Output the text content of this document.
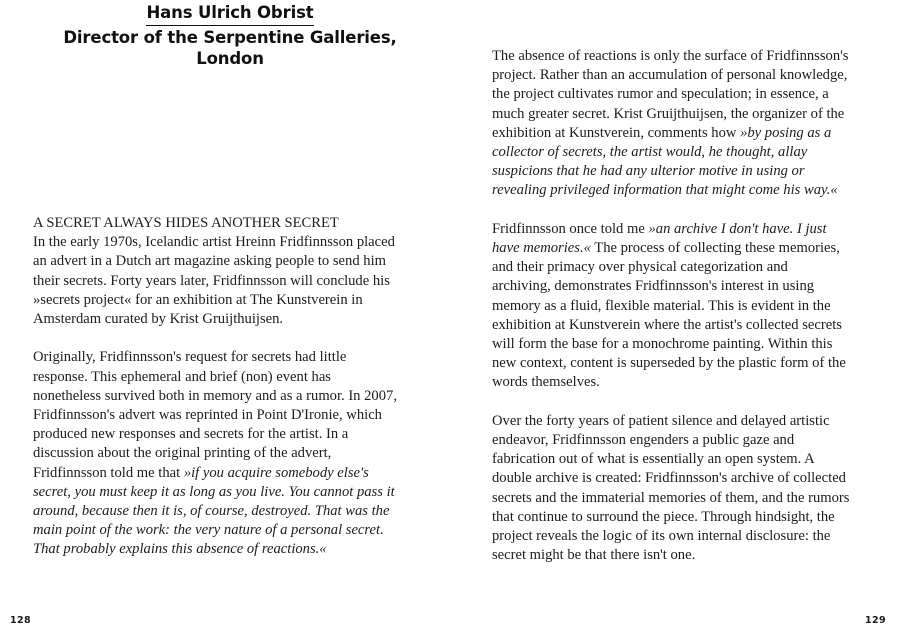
Hans Ulrich Obrist
Director of the Serpentine Galleries,
London

A SECRET ALWAYS HIDES ANOTHER SECRET

In the early 1970s, Icelandic artist Hreinn Fridfinnsson placed an advert in a Dutch art magazine asking people to send him their secrets. Forty years later, Fridfinnsson will conclude his »secrets project« for an exhibition at The Kunstverein in Amsterdam curated by Krist Gruijthuijsen.

Originally, Fridfinnsson's request for secrets had little response. This ephemeral and brief (non) event has nonetheless survived both in memory and as a rumor. In 2007, Fridfinnsson's advert was reprinted in Point D'Ironie, which produced new responses and secrets for the artist. In a discussion about the original printing of the advert, Fridfinnsson told me that »if you acquire somebody else's secret, you must keep it as long as you live. You cannot pass it around, because then it is, of course, destroyed. That was the main point of the work: the very nature of a personal secret. That probably explains this absence of reactions.«

The absence of reactions is only the surface of Fridfinnsson's project. Rather than an accumulation of personal knowledge, the project cultivates rumor and speculation; in essence, a much greater secret. Krist Gruijthuijsen, the organizer of the exhibition at Kunstverein, comments how »by posing as a collector of secrets, the artist would, he thought, allay suspicions that he had any ulterior motive in using or revealing privileged information that might come his way.«

Fridfinnsson once told me »an archive I don't have. I just have memories.« The process of collecting these memories, and their primacy over physical categorization and archiving, demonstrates Fridfinnsson's interest in using memory as a fluid, flexible material. This is evident in the exhibition at Kunstverein where the artist's collected secrets will form the base for a monochrome painting. Within this new context, content is superseded by the plastic form of the words themselves.

Over the forty years of patient silence and delayed artistic endeavor, Fridfinnsson engenders a public gaze and fabrication out of what is essentially an open system. A double archive is created: Fridfinnsson's archive of collected secrets and the immaterial memories of them, and the rumors that continue to surround the piece. Through hindsight, the project reveals the logic of its own internal disclosure: the secret might be that there isn't one.

128	129
